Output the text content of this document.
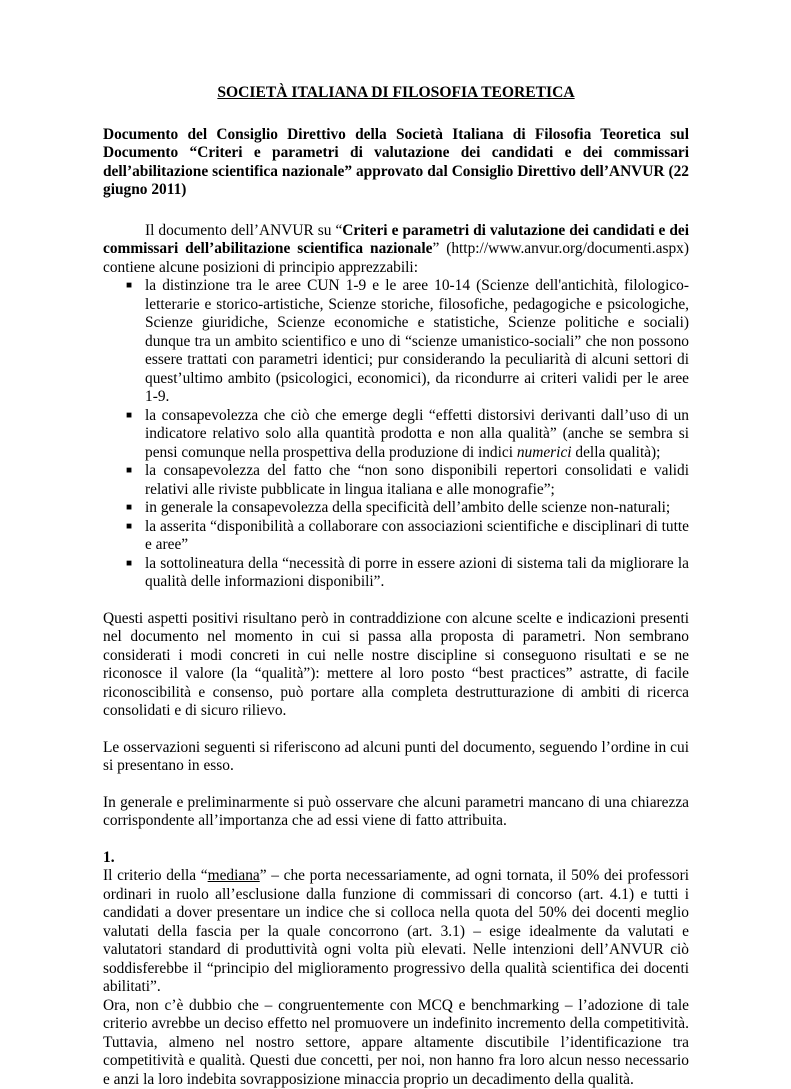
SOCIETÀ ITALIANA DI FILOSOFIA TEORETICA

Documento del Consiglio Direttivo della Società Italiana di Filosofia Teoretica sul Documento “Criteri e parametri di valutazione dei candidati e dei commissari dell’abilitazione scientifica nazionale” approvato dal Consiglio Direttivo dell’ANVUR (22 giugno 2011)

Il documento dell’ANVUR su “Criteri e parametri di valutazione dei candidati e dei commissari dell’abilitazione scientifica nazionale” (http://www.anvur.org/documenti.aspx) contiene alcune posizioni di principio apprezzabili:

■ la distinzione tra le aree CUN 1-9 e le aree 10-14 (Scienze dell'antichità, filologico-letterarie e storico-artistiche, Scienze storiche, filosofiche, pedagogiche e psicologiche, Scienze giuridiche, Scienze economiche e statistiche, Scienze politiche e sociali) dunque tra un ambito scientifico e uno di “scienze umanistico-sociali” che non possono essere trattati con parametri identici; pur considerando la peculiarità di alcuni settori di quest’ultimo ambito (psicologici, economici), da ricondurre ai criteri validi per le aree 1-9.
■ la consapevolezza che ciò che emerge degli “effetti distorsivi derivanti dall’uso di un indicatore relativo solo alla quantità prodotta e non alla qualità” (anche se sembra si pensi comunque nella prospettiva della produzione di indici numerici della qualità);
■ la consapevolezza del fatto che “non sono disponibili repertori consolidati e validi relativi alle riviste pubblicate in lingua italiana e alle monografie”;
■ in generale la consapevolezza della specificità dell’ambito delle scienze non-naturali;
■ la asserita “disponibilità a collaborare con associazioni scientifiche e disciplinari di tutte e aree”
■ la sottolineatura della “necessità di porre in essere azioni di sistema tali da migliorare la qualità delle informazioni disponibili”.

Questi aspetti positivi risultano però in contraddizione con alcune scelte e indicazioni presenti nel documento nel momento in cui si passa alla proposta di parametri. Non sembrano considerati i modi concreti in cui nelle nostre discipline si conseguono risultati e se ne riconosce il valore (la “qualità”): mettere al loro posto “best practices” astratte, di facile riconoscibilità e consenso, può portare alla completa destrutturazione di ambiti di ricerca consolidati e di sicuro rilievo.

Le osservazioni seguenti si riferiscono ad alcuni punti del documento, seguendo l’ordine in cui si presentano in esso.

In generale e preliminarmente si può osservare che alcuni parametri mancano di una chiarezza corrispondente all’importanza che ad essi viene di fatto attribuita.

1.

Il criterio della “mediana” – che porta necessariamente, ad ogni tornata, il 50% dei professori ordinari in ruolo all’esclusione dalla funzione di commissari di concorso (art. 4.1) e tutti i candidati a dover presentare un indice che si colloca nella quota del 50% dei docenti meglio valutati della fascia per la quale concorrono (art. 3.1) – esige idealmente da valutati e valutatori standard di produttività ogni volta più elevati. Nelle intenzioni dell’ANVUR ciò soddisferebbe il “principio del miglioramento progressivo della qualità scientifica dei docenti abilitati”.

Ora, non c’è dubbio che – congruentemente con MCQ e benchmarking – l’adozione di tale criterio avrebbe un deciso effetto nel promuovere un indefinito incremento della competitività. Tuttavia, almeno nel nostro settore, appare altamente discutibile l’identificazione tra competitività e qualità. Questi due concetti, per noi, non hanno fra loro alcun nesso necessario e anzi la loro indebita sovrapposizione minaccia proprio un decadimento della qualità.
